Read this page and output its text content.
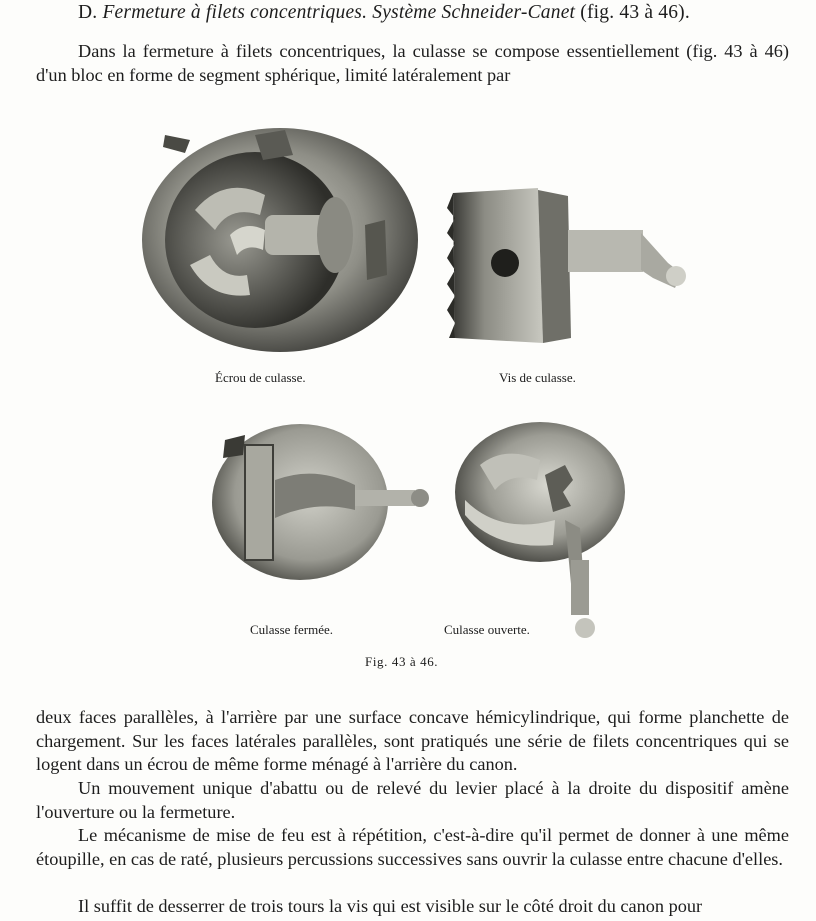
D. Fermeture à filets concentriques. Système Schneider-Canet (fig. 43 à 46).

Dans la fermeture à filets concentriques, la culasse se compose essentiellement (fig. 43 à 46) d'un bloc en forme de segment sphérique, limité latéralement par

Écrou de culasse.	Vis de culasse.
Culasse fermée.	Culasse ouverte.
Fig. 43 à 46.

deux faces parallèles, à l'arrière par une surface concave hémicylindrique, qui forme planchette de chargement. Sur les faces latérales parallèles, sont pratiqués une série de filets concentriques qui se logent dans un écrou de même forme ménagé à l'arrière du canon.

Un mouvement unique d'abattu ou de relevé du levier placé à la droite du dispositif amène l'ouverture ou la fermeture.

Le mécanisme de mise de feu est à répétition, c'est-à-dire qu'il permet de donner à une même étoupille, en cas de raté, plusieurs percussions successives sans ouvrir la culasse entre chacune d'elles.

Il suffit de desserrer de trois tours la vis qui est visible sur le côté droit du canon pour
